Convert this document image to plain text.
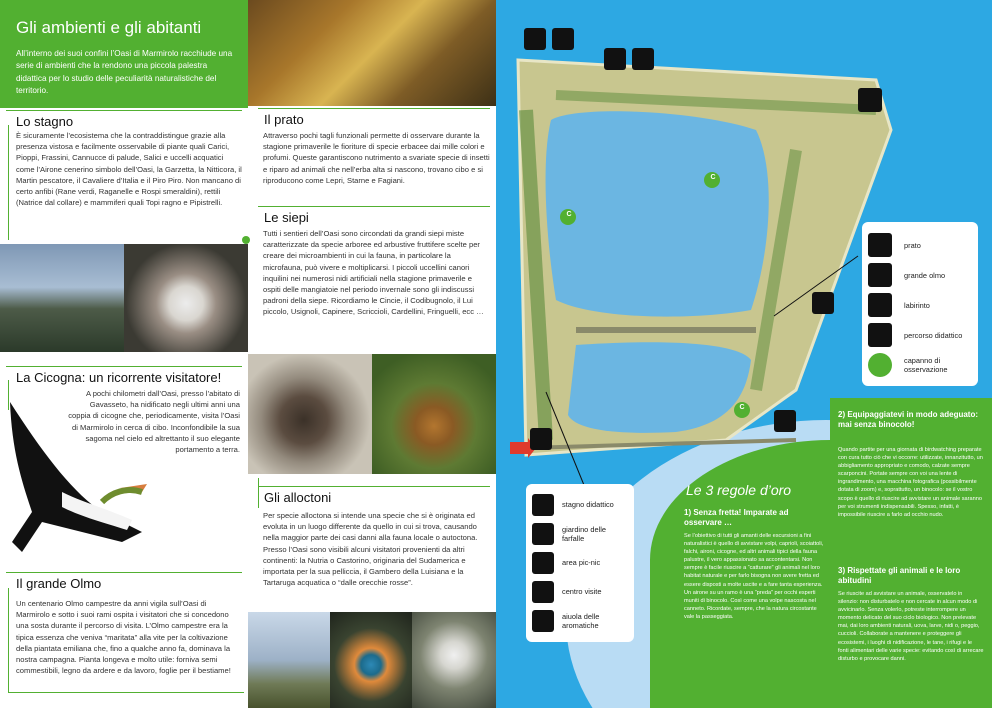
Gli ambienti e gli abitanti

All’interno dei suoi confini l’Oasi di Marmirolo racchiude una serie di ambienti che la rendono una piccola palestra didattica per lo studio delle peculiarità naturalistiche del territorio.

Lo stagno
È sicuramente l’ecosistema che la contraddistingue grazie alla presenza vistosa e facilmente osservabile di piante quali Carici, Pioppi, Frassini, Cannucce di palude, Salici e uccelli acquatici come l’Airone cenerino simbolo dell’Oasi, la Garzetta, la Nitticora, il Martin pescatore, il Cavaliere d’Italia e il Piro Piro. Non mancano di certo anfibi (Rane verdi, Raganelle e Rospi smeraldini), rettili (Natrice dal collare) e mammiferi quali Topi ragno e Pipistrelli.
La Cicogna: un ricorrente visitatore!
A pochi chilometri dall’Oasi, presso l’abitato di Gavasseto, ha nidificato negli ultimi anni una coppia di cicogne che, periodicamente, visita l’Oasi di Marmirolo in cerca di cibo. Inconfondibile la sua sagoma nel cielo ed altrettanto il suo elegante portamento a terra.
Il grande Olmo
Un centenario Olmo campestre da anni vigila sull’Oasi di Marmirolo e sotto i suoi rami ospita i visitatori che si concedono una sosta durante il percorso di visita. L’Olmo campestre era la tipica essenza che veniva “maritata” alla vite per la coltivazione della piantata emiliana che, fino a qualche anno fa, dominava la nostra campagna. Pianta longeva e molto utile: forniva semi commestibili, legno da ardere e da lavoro, foglie per il bestiame!
Il prato
Attraverso pochi tagli funzionali permette di osservare durante la stagione primaverile le fioriture di specie erbacee dai mille colori e profumi. Queste garantiscono nutrimento a svariate specie di insetti e riparo ad animali che nell’erba alta si nascono, trovano cibo e si riproducono come Lepri, Starne e Fagiani.
Le siepi
Tutti i sentieri dell’Oasi sono circondati da grandi siepi miste caratterizzate da specie arboree ed arbustive fruttifere scelte per creare dei microambienti in cui la fauna, in particolare la microfauna, può vivere e moltiplicarsi. I piccoli uccellini canori inquilini nei numerosi nidi artificiali nella stagione primaverile e ospiti delle mangiatoie nel periodo invernale sono gli indiscussi padroni della siepe. Ricordiamo le Cincie, il Codibugnolo, il Lui piccolo, Usignoli, Capinere, Scriccioli, Cardellini, Fringuelli, ecc …
Gli alloctoni
Per specie alloctona si intende una specie che si è originata ed evoluta in un luogo differente da quello in cui si trova, causando nella maggior parte dei casi danni alla fauna locale o autoctona. Presso l’Oasi sono visibili alcuni visitatori provenienti da altri continenti: la Nutria o Castorino, originaria del Sudamerica e importata per la sua pelliccia, il Gambero della Luisiana e la Tartaruga acquatica o “dalle orecchie rosse”.
C
C
C
prato
grande olmo
labirinto
percorso didattico
capanno di osservazione
stagno didattico
giardino delle farfalle
area pic-nic
centro visite
aiuola delle aromatiche
Le 3 regole d’oro
1) Senza fretta! Imparate ad osservare …
Se l’obiettivo di tutti gli amanti delle escursioni a fini naturalistici è quello di avvistare volpi, caprioli, scoiattoli, falchi, aironi, cicogne, ed altri animali tipici della fauna palustre, il vero appassionato sa accontentarsi. Non sempre è facile riuscire a “catturare” gli animali nel loro habitat naturale e per farlo bisogna non avere fretta ed essere disposti a molte uscite e a fare tanta esperienza. Un airone su un ramo è una “preda” per occhi esperti muniti di binocolo. Così come una volpe nascosta nel canneto. Ricordate, sempre, che la natura circostante vale la passeggiata.
2) Equipaggiatevi in modo adeguato: mai senza binocolo!
Quando partite per una giornata di birdwatching preparate con cura tutto ciò che vi occorre: utilizzate, innanzitutto, un abbigliamento appropriato e comodo, calzate sempre scarponcini. Portate sempre con voi una lente di ingrandimento, una macchina fotografica (possibilmente dotata di zoom) e, soprattutto, un binocolo: se il vostro scopo è quello di riuscire ad avvistare un animale saranno per voi strumenti indispensabili. Spesso, infatti, è impossibile riuscire a farlo ad occhio nudo.
3) Rispettate gli animali e le loro abitudini
Se riuscite ad avvistare un animale, osservatelo in silenzio: non disturbatelo e non cercate in alcun modo di avvicinarlo. Senza volerlo, potreste interrompere un momento delicato del suo ciclo biologico. Non prelevate mai, dai loro ambienti naturali, uova, larve, nidi o, peggio, cuccioli. Collaborate a mantenere e proteggere gli ecosistemi, i luoghi di nidificazione, le tane, i rifugi e le fonti alimentari delle varie specie: evitando così di arrecare disturbo e provocare danni.
